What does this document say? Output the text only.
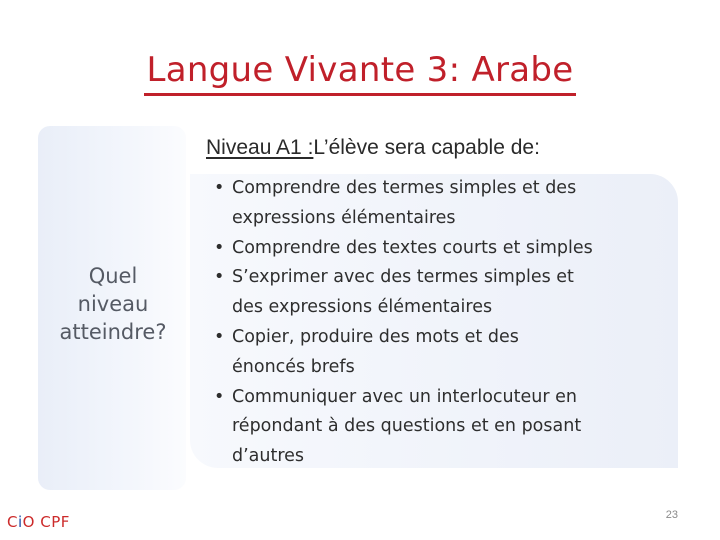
Langue Vivante 3: Arabe
Quel
niveau
atteindre?
Niveau A1 :L’élève sera capable de:
• Comprendre des termes simples et des
expressions élémentaires
• Comprendre des textes courts et simples
• S’exprimer avec des termes simples et
des expressions élémentaires
• Copier, produire des mots et des
énoncés brefs
• Communiquer avec un interlocuteur en
répondant à des questions et en posant
d’autres
CiO CPF	23
